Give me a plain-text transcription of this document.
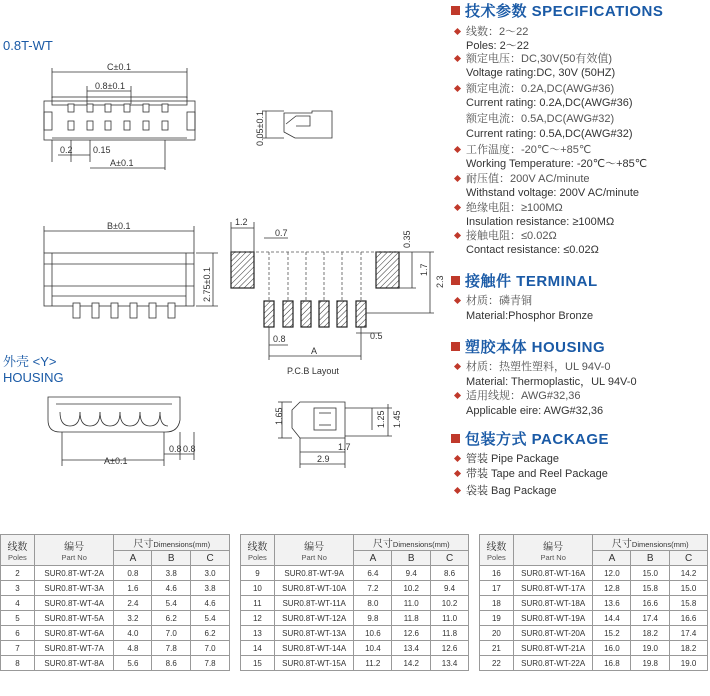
0.8T-WT
外壳 <Y>
HOUSING	P.C.B Layout
C±0.1
0.8±0.1
0.2 0.15
A±0.1
0.05±0.1
B±0.1
2.75±0.1
1.2
0.7	0.35
1.7
2.3
0.8	0.5
A
A±0.1
0.8 0.8
1.65	1.25 1.45
1.7
2.9
技术参数 SPECIFICATIONS
线数：2～22
Poles: 2～22
额定电压：DC,30V(50有效值)
Voltage rating:DC, 30V (50HZ)
额定电流：0.2A,DC(AWG#36)
Current rating: 0.2A,DC(AWG#36)
额定电流：0.5A,DC(AWG#32)
Current rating: 0.5A,DC(AWG#32)
工作温度：-20℃～+85℃
Working Temperature: -20℃～+85℃
耐压值：200V AC/minute
Withstand voltage: 200V AC/minute
绝缘电阻：≥100MΩ
Insulation resistance: ≥100MΩ
接触电阻：≤0.02Ω
Contact resistance: ≤0.02Ω
接触件 TERMINAL
材质：磷青铜
Material:Phosphor Bronze
塑胶本体 HOUSING
材质：热塑性塑料，UL 94V-0
Material: Thermoplastic，UL 94V-0
适用线规：AWG#32,36
Applicable eire: AWG#32,36
包装方式 PACKAGE
管装 Pipe Package
带装 Tape and Reel Package
袋装 Bag Package
线数
Poles	编号
Part No	尺寸Dimensions(mm)		
		A	B	C
2	SUR0.8T-WT-2A	0.8	3.8	3.0
3	SUR0.8T-WT-3A	1.6	4.6	3.8
4	SUR0.8T-WT-4A	2.4	5.4	4.6
5	SUR0.8T-WT-5A	3.2	6.2	5.4
6	SUR0.8T-WT-6A	4.0	7.0	6.2
7	SUR0.8T-WT-7A	4.8	7.8	7.0
8	SUR0.8T-WT-8A	5.6	8.6	7.8
线数
Poles	编号
Part No	尺寸Dimensions(mm)		
		A	B	C
9	SUR0.8T-WT-9A	6.4	9.4	8.6
10	SUR0.8T-WT-10A	7.2	10.2	9.4
11	SUR0.8T-WT-11A	8.0	11.0	10.2
12	SUR0.8T-WT-12A	9.8	11.8	11.0
13	SUR0.8T-WT-13A	10.6	12.6	11.8
14	SUR0.8T-WT-14A	10.4	13.4	12.6
15	SUR0.8T-WT-15A	11.2	14.2	13.4
线数
Poles	编号
Part No	尺寸Dimensions(mm)		
		A	B	C
16	SUR0.8T-WT-16A	12.0	15.0	14.2
17	SUR0.8T-WT-17A	12.8	15.8	15.0
18	SUR0.8T-WT-18A	13.6	16.6	15.8
19	SUR0.8T-WT-19A	14.4	17.4	16.6
20	SUR0.8T-WT-20A	15.2	18.2	17.4
21	SUR0.8T-WT-21A	16.0	19.0	18.2
22	SUR0.8T-WT-22A	16.8	19.8	19.0
